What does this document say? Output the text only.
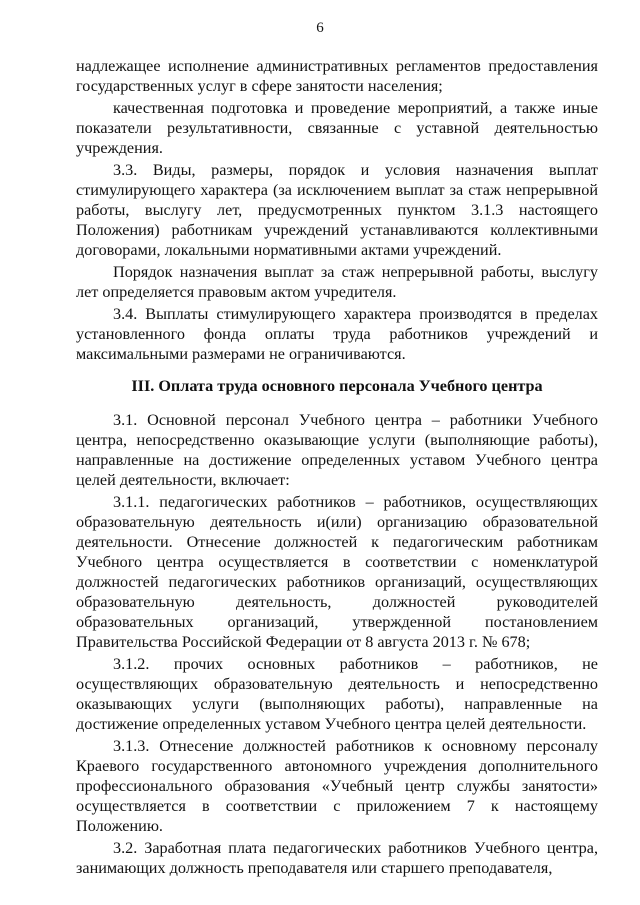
6

надлежащее исполнение административных регламентов предоставления государственных услуг в сфере занятости населения;

качественная подготовка и проведение мероприятий, а также иные показатели результативности, связанные с уставной деятельностью учреждения.

3.3. Виды, размеры, порядок и условия назначения выплат стимулирующего характера (за исключением выплат за стаж непрерывной работы, выслугу лет, предусмотренных пунктом 3.1.3 настоящего Положения) работникам учреждений устанавливаются коллективными договорами, локальными нормативными актами учреждений.

Порядок назначения выплат за стаж непрерывной работы, выслугу лет определяется правовым актом учредителя.

3.4. Выплаты стимулирующего характера производятся в пределах установленного фонда оплаты труда работников учреждений и максимальными размерами не ограничиваются.

III. Оплата труда основного персонала Учебного центра

3.1. Основной персонал Учебного центра – работники Учебного центра, непосредственно оказывающие услуги (выполняющие работы), направленные на достижение определенных уставом Учебного центра целей деятельности, включает:

3.1.1. педагогических работников – работников, осуществляющих образовательную деятельность и(или) организацию образовательной деятельности. Отнесение должностей к педагогическим работникам Учебного центра осуществляется в соответствии с номенклатурой должностей педагогических работников организаций, осуществляющих образовательную деятельность, должностей руководителей образовательных организаций, утвержденной постановлением Правительства Российской Федерации от 8 августа 2013 г. № 678;

3.1.2. прочих основных работников – работников, не осуществляющих образовательную деятельность и непосредственно оказывающих услуги (выполняющих работы), направленные на достижение определенных уставом Учебного центра целей деятельности.

3.1.3. Отнесение должностей работников к основному персоналу Краевого государственного автономного учреждения дополнительного профессионального образования «Учебный центр службы занятости» осуществляется в соответствии с приложением 7 к настоящему Положению.

3.2. Заработная плата педагогических работников Учебного центра, занимающих должность преподавателя или старшего преподавателя,
